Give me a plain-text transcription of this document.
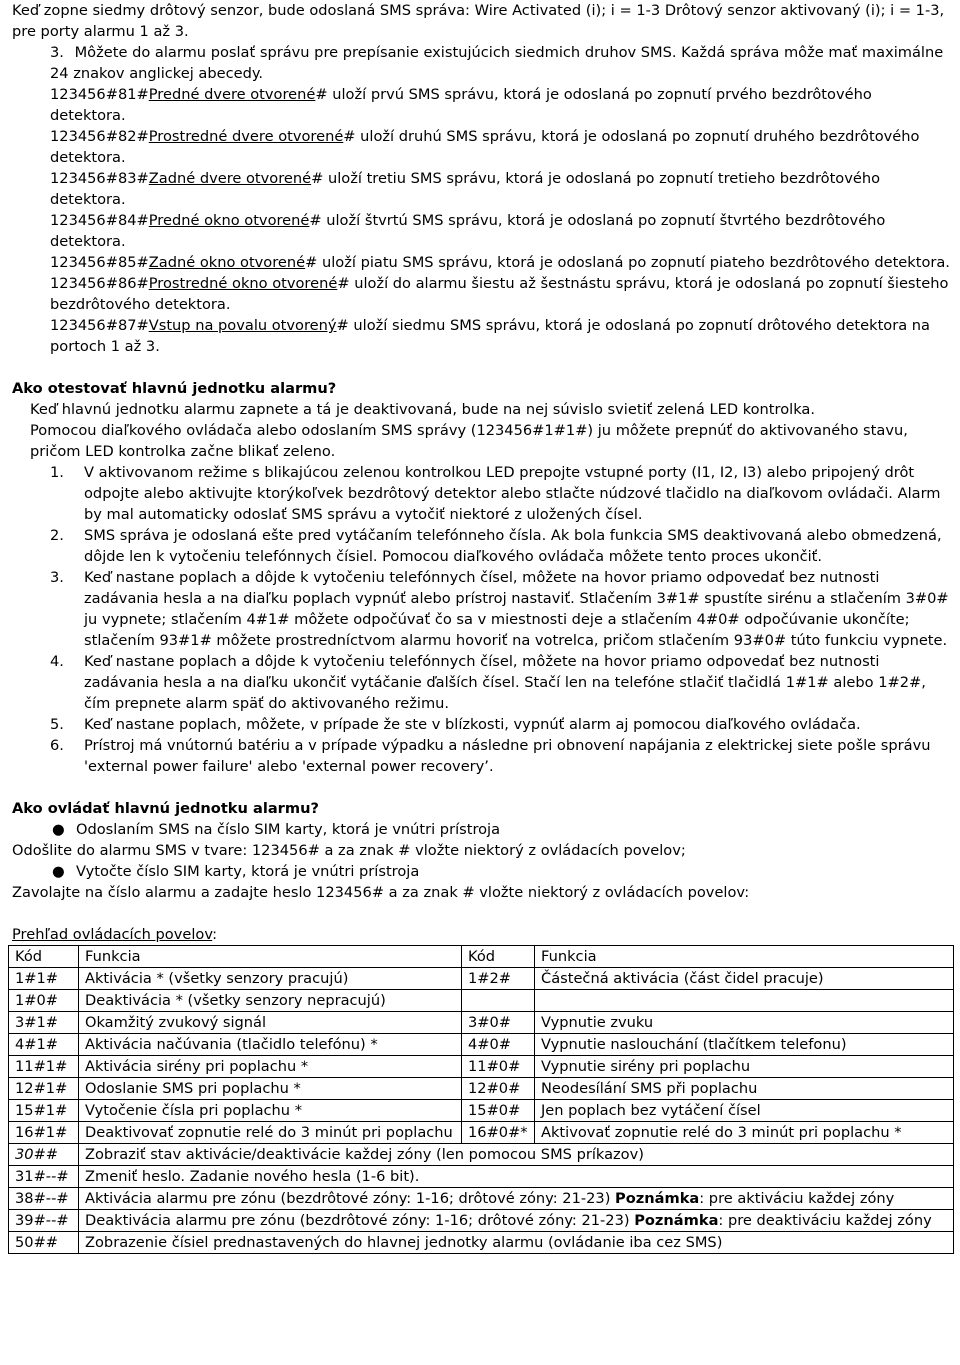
Keď zopne siedmy drôtový senzor, bude odoslaná SMS správa: Wire Activated (i); i = 1-3 Drôtový senzor aktivovaný (i); i = 1-3, pre porty alarmu 1 až 3.

3. Môžete do alarmu poslať správu pre prepísanie existujúcich siedmich druhov SMS. Každá správa môže mať maximálne 24 znakov anglickej abecedy.

123456#81#Predné dvere otvorené# uloží prvú SMS správu, ktorá je odoslaná po zopnutí prvého bezdrôtového detektora.

123456#82#Prostredné dvere otvorené# uloží druhú SMS správu, ktorá je odoslaná po zopnutí druhého bezdrôtového detektora.

123456#83#Zadné dvere otvorené# uloží tretiu SMS správu, ktorá je odoslaná po zopnutí tretieho bezdrôtového detektora.

123456#84#Predné okno otvorené# uloží štvrtú SMS správu, ktorá je odoslaná po zopnutí štvrtého bezdrôtového detektora.

123456#85#Zadné okno otvorené# uloží piatu SMS správu, ktorá je odoslaná po zopnutí piateho bezdrôtového detektora.

123456#86#Prostredné okno otvorené# uloží do alarmu šiestu až šestnástu správu, ktorá je odoslaná po zopnutí šiesteho bezdrôtového detektora.

123456#87#Vstup na povalu otvorený# uloží siedmu SMS správu, ktorá je odoslaná po zopnutí drôtového detektora na portoch 1 až 3.

Ako otestovať hlavnú jednotku alarmu?

Keď hlavnú jednotku alarmu zapnete a tá je deaktivovaná, bude na nej súvislo svietiť zelená LED kontrolka.

Pomocou diaľkového ovládača alebo odoslaním SMS správy (123456#1#1#) ju môžete prepnúť do aktivovaného stavu, pričom LED kontrolka začne blikať zeleno.

1. V aktivovanom režime s blikajúcou zelenou kontrolkou LED prepojte vstupné porty (I1, I2, I3) alebo pripojený drôt odpojte alebo aktivujte ktorýkoľvek bezdrôtový detektor alebo stlačte núdzové tlačidlo na diaľkovom ovládači. Alarm by mal automaticky odoslať SMS správu a vytočiť niektoré z uložených čísel.
2. SMS správa je odoslaná ešte pred vytáčaním telefónneho čísla. Ak bola funkcia SMS deaktivovaná alebo obmedzená, dôjde len k vytočeniu telefónnych čísiel. Pomocou diaľkového ovládača môžete tento proces ukončiť.
3. Keď nastane poplach a dôjde k vytočeniu telefónnych čísel, môžete na hovor priamo odpovedať bez nutnosti zadávania hesla a na diaľku poplach vypnúť alebo prístroj nastaviť. Stlačením 3#1# spustíte sirénu a stlačením 3#0# ju vypnete; stlačením 4#1# môžete odpočúvať čo sa v miestnosti deje a stlačením 4#0# odpočúvanie ukončíte; stlačením 93#1# môžete prostredníctvom alarmu hovoriť na votrelca, pričom stlačením 93#0# túto funkciu vypnete.
4. Keď nastane poplach a dôjde k vytočeniu telefónnych čísel, môžete na hovor priamo odpovedať bez nutnosti zadávania hesla a na diaľku ukončiť vytáčanie ďalších čísel. Stačí len na telefóne stlačiť tlačidlá 1#1# alebo 1#2#, čím prepnete alarm späť do aktivovaného režimu.
5. Keď nastane poplach, môžete, v prípade že ste v blízkosti, vypnúť alarm aj pomocou diaľkového ovládača.
6. Prístroj má vnútornú batériu a v prípade výpadku a následne pri obnovení napájania z elektrickej siete pošle správu 'external power failure' alebo 'external power recovery’.
Ako ovládať hlavnú jednotku alarmu?
● Odoslaním SMS na číslo SIM karty, ktorá je vnútri prístroja

Odošlite do alarmu SMS v tvare: 123456# a za znak # vložte niektorý z ovládacích povelov;

● Vytočte číslo SIM karty, ktorá je vnútri prístroja

Zavolajte na číslo alarmu a zadajte heslo 123456# a za znak # vložte niektorý z ovládacích povelov:

Prehľad ovládacích povelov:

Kód	Funkcia	Kód	Funkcia
1#1#	Aktivácia * (všetky senzory pracujú)	1#2#	Částečná aktivácia (část čidel pracuje)
1#0#	Deaktivácia * (všetky senzory nepracujú)		
3#1#	Okamžitý zvukový signál	3#0#	Vypnutie zvuku
4#1#	Aktivácia načúvania (tlačidlo telefónu) *	4#0#	Vypnutie naslouchání (tlačítkem telefonu)
11#1#	Aktivácia sirény pri poplachu *	11#0#	Vypnutie sirény pri poplachu
12#1#	Odoslanie SMS pri poplachu *	12#0#	Neodesílání SMS při poplachu
15#1#	Vytočenie čísla pri poplachu *	15#0#	Jen poplach bez vytáčení čísel
16#1#	Deaktivovať zopnutie relé do 3 minút pri poplachu	16#0#*	Aktivovať zopnutie relé do 3 minút pri poplachu *
30##	Zobraziť stav aktivácie/deaktivácie každej zóny (len pomocou SMS príkazov)		
31#--#	Zmeniť heslo. Zadanie nového hesla (1-6 bit).		
38#--#	Aktivácia alarmu pre zónu (bezdrôtové zóny: 1-16; drôtové zóny: 21-23) Poznámka: pre aktiváciu každej zóny		
39#--#	Deaktivácia alarmu pre zónu (bezdrôtové zóny: 1-16; drôtové zóny: 21-23) Poznámka: pre deaktiváciu každej zóny		
50##	Zobrazenie čísiel prednastavených do hlavnej jednotky alarmu (ovládanie iba cez SMS)		
